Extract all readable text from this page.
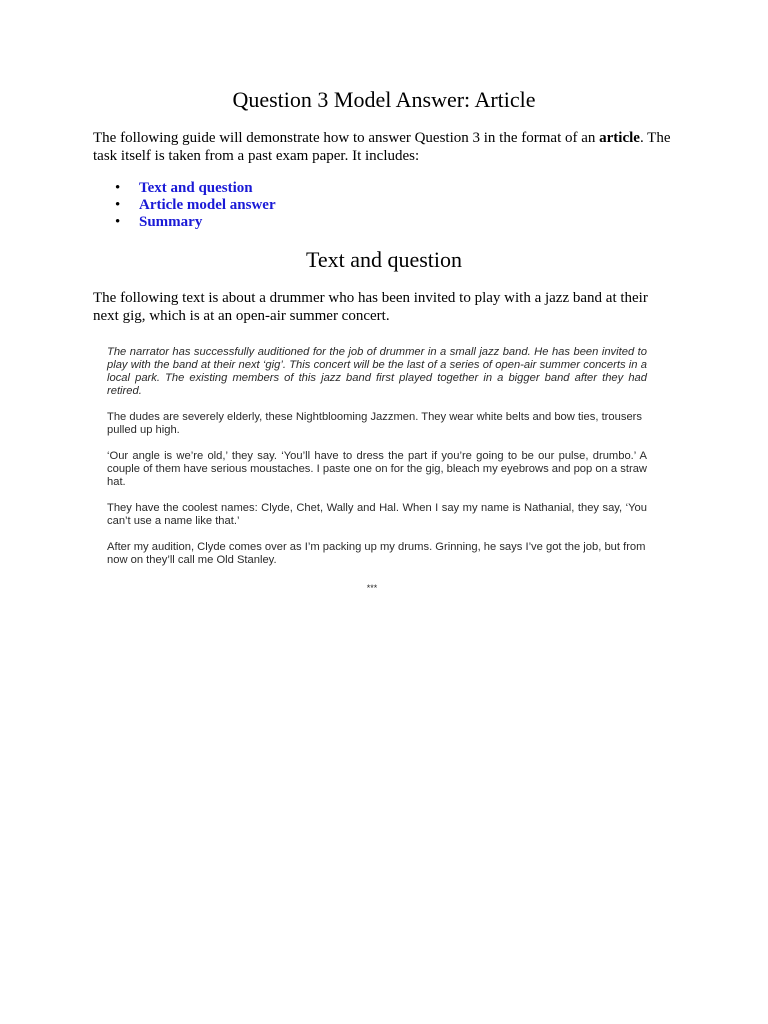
Question 3 Model Answer: Article
The following guide will demonstrate how to answer Question 3 in the format of an article. The task itself is taken from a past exam paper. It includes:
• Text and question
• Article model answer
• Summary
Text and question
The following text is about a drummer who has been invited to play with a jazz band at their next gig, which is at an open-air summer concert.

The narrator has successfully auditioned for the job of drummer in a small jazz band. He has been invited to play with the band at their next ‘gig’. This concert will be the last of a series of open-air summer concerts in a local park. The existing members of this jazz band first played together in a bigger band after they had retired.

The dudes are severely elderly, these Nightblooming Jazzmen. They wear white belts and bow ties, trousers pulled up high.

‘Our angle is we’re old,’ they say. ‘You’ll have to dress the part if you’re going to be our pulse, drumbo.’ A couple of them have serious moustaches. I paste one on for the gig, bleach my eyebrows and pop on a straw hat.

They have the coolest names: Clyde, Chet, Wally and Hal. When I say my name is Nathanial, they say, ‘You can’t use a name like that.’

After my audition, Clyde comes over as I’m packing up my drums. Grinning, he says I’ve got the job, but from now on they’ll call me Old Stanley.

***
